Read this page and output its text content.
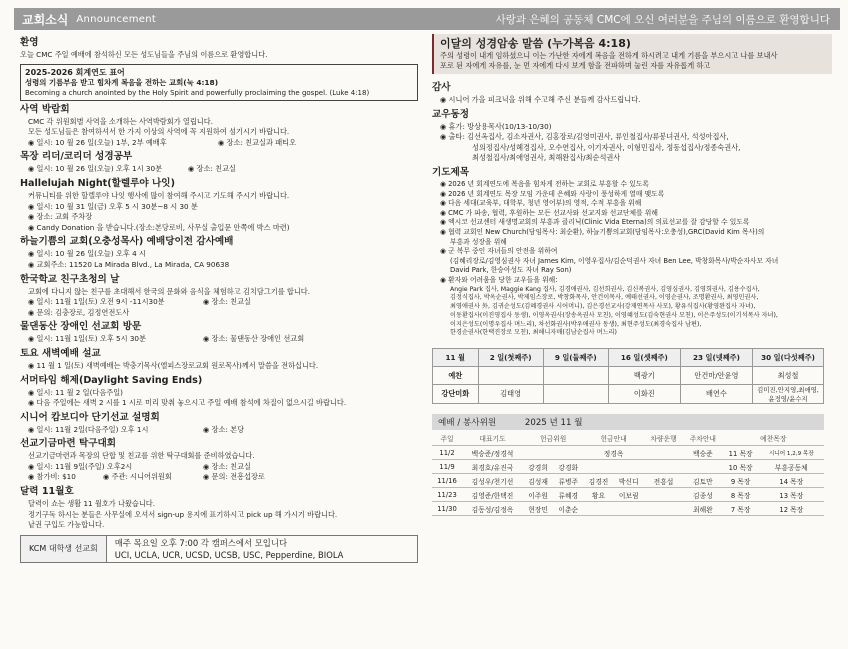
교회소식 Announcement	사랑과 은혜의 공동체 CMC에 오신 여러분을 주님의 이름으로 환영합니다
환영

오늘 CMC 주일 예배에 참석하신 모든 성도님들을 주님의 이름으로 환영합니다.

2025-2026 회계연도 표어
성령의 기름부음 받고 힘차게 복음을 전하는 교회(눅 4:18)
Becoming a church anointed by the Holy Spirit and powerfully proclaiming the gospel. (Luke 4:18)
사역 박람회

CMC 각 위원회별 사역을 소개하는 사역박람회가 열립니다.

모든 성도님들은 참여하셔서 한 가지 이상의 사역에 꼭 지원하여 섬기시기 바랍니다.

◉ 일시: 10 월 26 일(오늘) 1부, 2부 예배후	◉ 장소: 친교실과 패티오
목장 리더/코리더 성경공부
◉ 일시: 10 월 26 일(오늘) 오후 1시 30분	◉ 장소: 친교실
Hallelujah Night(할렐루야 나잇)

커뮤니티를 위한 할렐루야 나잇 행사에 많이 참여해 주시고 기도해 주시기 바랍니다.

◉ 일시: 10 월 31 일(금) 오후 5 시 30분~8 시 30 분

◉ 장소: 교회 주차장

◉ Candy Donation 을 받습니다.(장소:본당로비, 사무실 출입문 안쪽에 박스 마련)

하늘기쁨의 교회(오충성목사) 예배당이전 감사예배

◉ 일시: 10 월 26 일(오늘) 오후 4 시

◉ 교회주소: 11520 La Mirada Blvd., La Mirada, CA 90638

한국학교 친구초청의 날

교회에 다니지 않는 친구를 초대해서 한국의 문화와 음식을 체험하고 김치담그기를 합니다.

◉ 일시: 11월 1일(토) 오전 9시 -11시30분	◉ 장소: 친교실

◉ 문의: 김충장로, 김정연전도사

물댄동산 장애인 선교회 방문
◉ 일시: 11월 1일(토) 오후 5시 30분	◉ 장소: 물댄동산 장애인 선교회
토요 새벽예배 설교

◉ 11 월 1 일(토) 새벽예배는 박충기목사(엘피스장로교회 원로목사)께서 말씀을 전하십니다.

서머타임 해제(Daylight Saving Ends)

◉ 일시: 11 월 2 일(다음주일)

◉ 다음 주일에는 새벽 2 시를 1 시로 미리 맞춰 놓으시고 주일 예배 참석에 차질이 없으시길 바랍니다.

시니어 캄보디아 단기선교 설명회
◉ 일시: 11월 2일(다음주일) 오후 1시	◉ 장소: 본당
선교기금마련 탁구대회

선교기금마련과 목장의 단합 및 친교를 위한 탁구대회를 준비하였습니다.

◉ 일시: 11월 9일(주일) 오후2시	◉ 장소: 친교실
◉ 참가비: $10	◉ 주관: 시니어위원회	◉ 문의: 전흥섭장로
달력 11월호

달력이 쇼는 생활 11 월호가 나왔습니다.

정기구독 하시는 분들은 사무실에 오셔서 sign-up 용지에 표기하시고 pick up 해 가시기 바랍니다.

낱권 구입도 가능합니다.

KCM 대학생 선교회
매주 목요일 오후 7:00 각 캠퍼스에서 모입니다
UCI, UCLA, UCR, UCSD, UCSB, USC, Pepperdine, BIOLA
이달의 성경암송 말씀 (누가복음 4:18)
주의 성령이 내게 임하셨으니 이는 가난한 자에게 복음을 전하게 하시려고 내게 기름을 부으시고 나를 보내사
포로 된 자에게 자유를, 눈 먼 자에게 다시 보게 함을 전파하며 눌린 자를 자유롭게 하고
감사

◉ 시니어 가을 피크닉을 위해 수고해 주신 분들께 감사드립니다.

교우동정

◉ 휴가: 방상용목사(10/13-10/30)

◉ 출타: 김선옥집사, 김소자권사, 김홍장로/김영미권사, 류인철집사/류봉녀권사, 석성아집사,

성의정집사/성혜경집사, 오수연집사, 이기자권사, 이형민집사, 정동섭집사/정종숙권사,

최성철집사/최애영권사, 최해완집사/최순석권사

기도제목

◉ 2026 년 회계연도에 복음을 힘차게 전하는 교회로 부흥할 수 있도록

◉ 2026 년 회계연도 목장 모임 가운데 은혜와 사랑이 풍성하게 열매 맺도록

◉ 다음 세대(교육부, 대학부, 청년 영어부)의 영적, 수적 부흥을 위해

◉ CMC 가 파송, 협력, 후원하는 모든 선교사와 선교지와 선교단체를 위해

◉ 엑시코 선교센터 새생명교회의 부흥과 클리닉(Clinic Vida Eterna)의 의료선교를 잘 감당할 수 있도록

◉ 협력 교회인 New Church(담임목사: 최순환), 하늘기쁨의교회(담임목사:오충성),GRC(David Kim 목사)의

부흥과 성장을 위해

◉ 군 복무 중인 자녀들의 안전을 위하여

(김혜리장로/김영심권사 자녀 James Kim, 이영우집사/김순덕권사 자녀 Ben Lee, 박창화목사/박순자사모 자녀

David Park, 한승아성도 자녀 Ray Son)

◉ 환자와 어려움을 당한 교우들을 위해:

Angie Park 집사, Maggie Kang 집사, 김경애권사, 김선희권사, 김신복권사, 김영심권사, 김영희권사, 김용수집사,

김정식집사, 박옥순권사, 박제임스장로, 박창화목사, 안건이목사, 예태선권사, 이영순권사, 조명환권사, 최영민권사,

최영애권사 外, 김귀순성도(김혜경권사 시어머니), 김은경선교사(강재연목사 사모), 황유식집사(황영완집사 자녀),

이동환집사(이진영집사 동생), 이영옥권사(장송옥권사 모친), 이영혜성도(김숙현권사 모친), 이은주성도(이기석목사 자녀),

이지은성도(이명우집사 며느리), 차선화권사(박우애권사 동생), 최현주성도(최경숙집사 남편),

한경순권사(한택진장로 모친), 최해니자매(김남순집사 며느리)

11 월	2 일(첫째주)	9 일(둘째주)	16 일(셋째주)	23 일(넷째주)	30 일(다섯째주)
예찬			백광기	안건마/안윤영	최성철
강단미화	김태영		이화진	배연수	김미진,안지영,최애영,윤정영/윤수지
예배 / 봉사위원	2025 년 11 월
주일	대표기도	헌금위원		헌금안내		차량운행	주차안내	예찬목장	
11/2	백승준/정경석			정경옥			백승준	11 목장	시니어 1,2,9 목장
11/9	최경호/유진국	강경희	강경화					10 목장	부흥공동체
11/16	김성우/천기선	김성재	류병주	김경진	박신디	전흥섭	김토만	9 목장	14 목장
11/23	김영준/한택진	이주원	류혜경	황요	이보림		김종성	8 목장	13 목장
11/30	김동성/김정옥	현장민	이춘순				최해완	7 목장	12 목장
